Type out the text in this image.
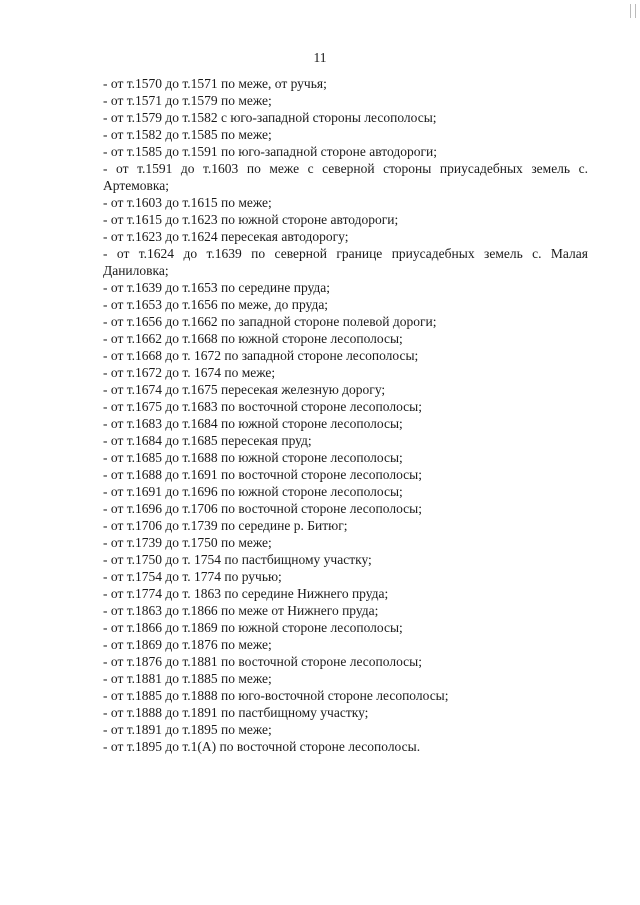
11
- от т.1570 до т.1571 по меже, от ручья;
- от т.1571 до т.1579 по меже;
- от т.1579 до т.1582 с юго-западной стороны лесополосы;
- от т.1582 до т.1585 по меже;
- от т.1585 до т.1591 по юго-западной стороне автодороги;
- от т.1591 до т.1603 по меже с северной стороны приусадебных земель с.
Артемовка;
- от т.1603 до т.1615 по меже;
- от т.1615 до т.1623 по южной стороне автодороги;
- от т.1623 до т.1624 пересекая автодорогу;
- от т.1624 до т.1639 по северной границе приусадебных земель с. Малая
Даниловка;
- от т.1639 до т.1653 по середине пруда;
- от т.1653 до т.1656 по меже, до пруда;
- от т.1656 до т.1662 по западной стороне полевой дороги;
- от т.1662 до т.1668 по южной стороне лесополосы;
- от т.1668 до т. 1672 по западной стороне лесополосы;
- от т.1672 до т. 1674 по меже;
- от т.1674 до т.1675 пересекая железную дорогу;
- от т.1675 до т.1683 по восточной стороне лесополосы;
- от т.1683 до т.1684 по южной стороне лесополосы;
- от т.1684 до т.1685 пересекая пруд;
- от т.1685 до т.1688 по южной стороне лесополосы;
- от т.1688 до т.1691 по восточной стороне лесополосы;
- от т.1691 до т.1696 по южной стороне лесополосы;
- от т.1696 до т.1706 по восточной стороне лесополосы;
- от т.1706 до т.1739 по середине р. Битюг;
- от т.1739 до т.1750 по меже;
- от т.1750 до т. 1754 по пастбищному участку;
- от т.1754 до т. 1774 по ручью;
- от т.1774 до т. 1863 по середине Нижнего пруда;
- от т.1863 до т.1866 по меже от Нижнего пруда;
- от т.1866 до т.1869 по южной стороне лесополосы;
- от т.1869 до т.1876 по меже;
- от т.1876 до т.1881 по восточной стороне лесополосы;
- от т.1881 до т.1885 по меже;
- от т.1885 до т.1888 по юго-восточной стороне лесополосы;
- от т.1888 до т.1891 по пастбищному участку;
- от т.1891 до т.1895 по меже;
- от т.1895 до т.1(А) по восточной стороне лесополосы.
